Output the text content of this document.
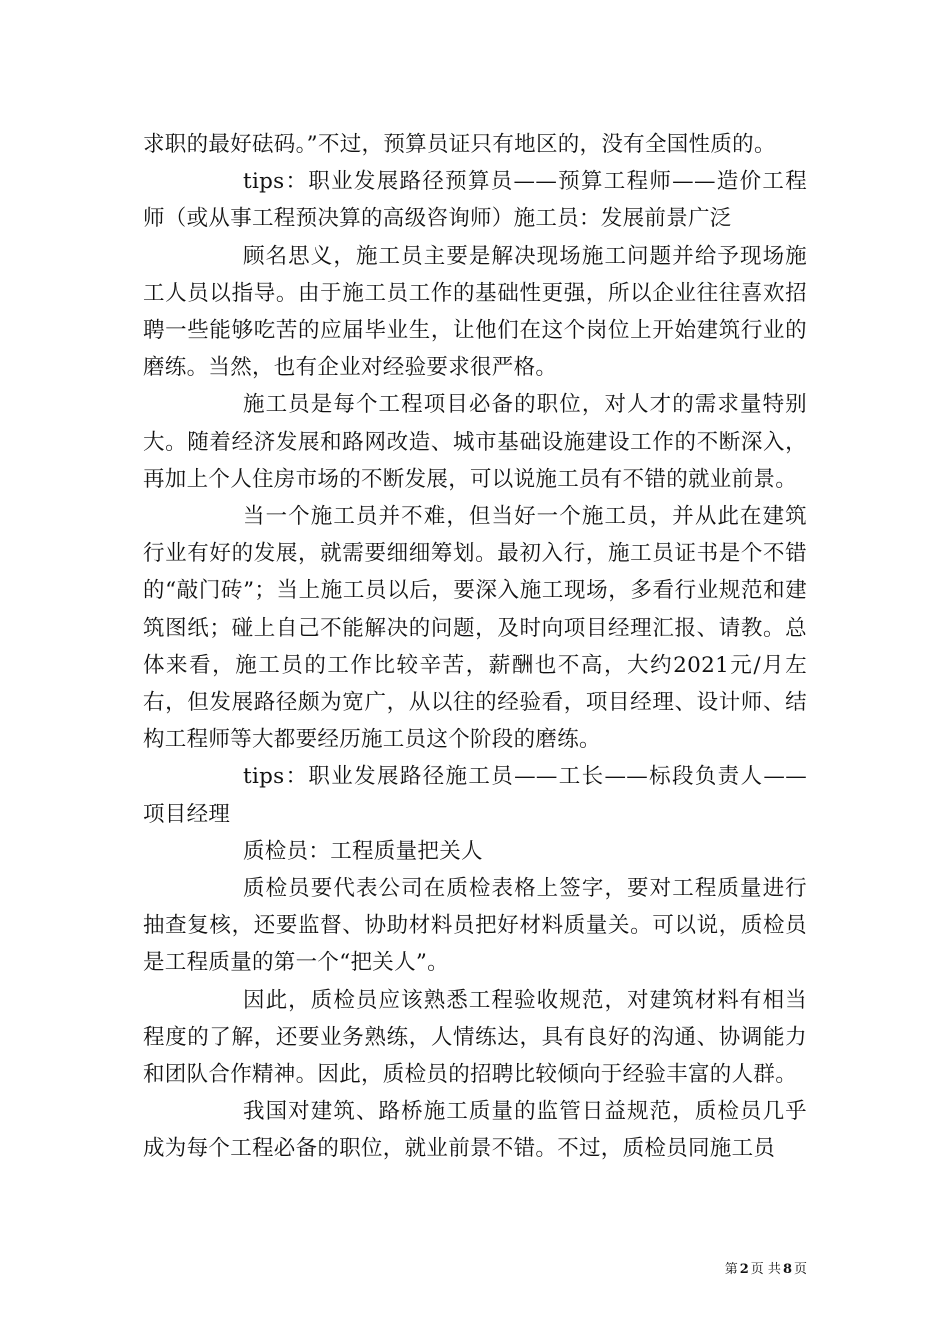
求职的最好砝码。”不过，预算员证只有地区的，没有全国性质的。

tips：职业发展路径预算员——预算工程师——造价工程师（或从事工程预决算的高级咨询师）施工员：发展前景广泛

顾名思义，施工员主要是解决现场施工问题并给予现场施工人员以指导。由于施工员工作的基础性更强，所以企业往往喜欢招聘一些能够吃苦的应届毕业生，让他们在这个岗位上开始建筑行业的磨练。当然，也有企业对经验要求很严格。

施工员是每个工程项目必备的职位，对人才的需求量特别大。随着经济发展和路网改造、城市基础设施建设工作的不断深入，再加上个人住房市场的不断发展，可以说施工员有不错的就业前景。

当一个施工员并不难，但当好一个施工员，并从此在建筑行业有好的发展，就需要细细筹划。最初入行，施工员证书是个不错的“敲门砖”；当上施工员以后，要深入施工现场，多看行业规范和建筑图纸；碰上自己不能解决的问题，及时向项目经理汇报、请教。总体来看，施工员的工作比较辛苦，薪酬也不高，大约2021元/月左右，但发展路径颇为宽广，从以往的经验看，项目经理、设计师、结构工程师等大都要经历施工员这个阶段的磨练。

tips：职业发展路径施工员——工长——标段负责人——项目经理

质检员：工程质量把关人

质检员要代表公司在质检表格上签字，要对工程质量进行抽查复核，还要监督、协助材料员把好材料质量关。可以说，质检员是工程质量的第一个“把关人”。

因此，质检员应该熟悉工程验收规范，对建筑材料有相当程度的了解，还要业务熟练，人情练达，具有良好的沟通、协调能力和团队合作精神。因此，质检员的招聘比较倾向于经验丰富的人群。

我国对建筑、路桥施工质量的监管日益规范，质检员几乎成为每个工程必备的职位，就业前景不错。不过，质检员同施工员

第 2 页 共 8 页
